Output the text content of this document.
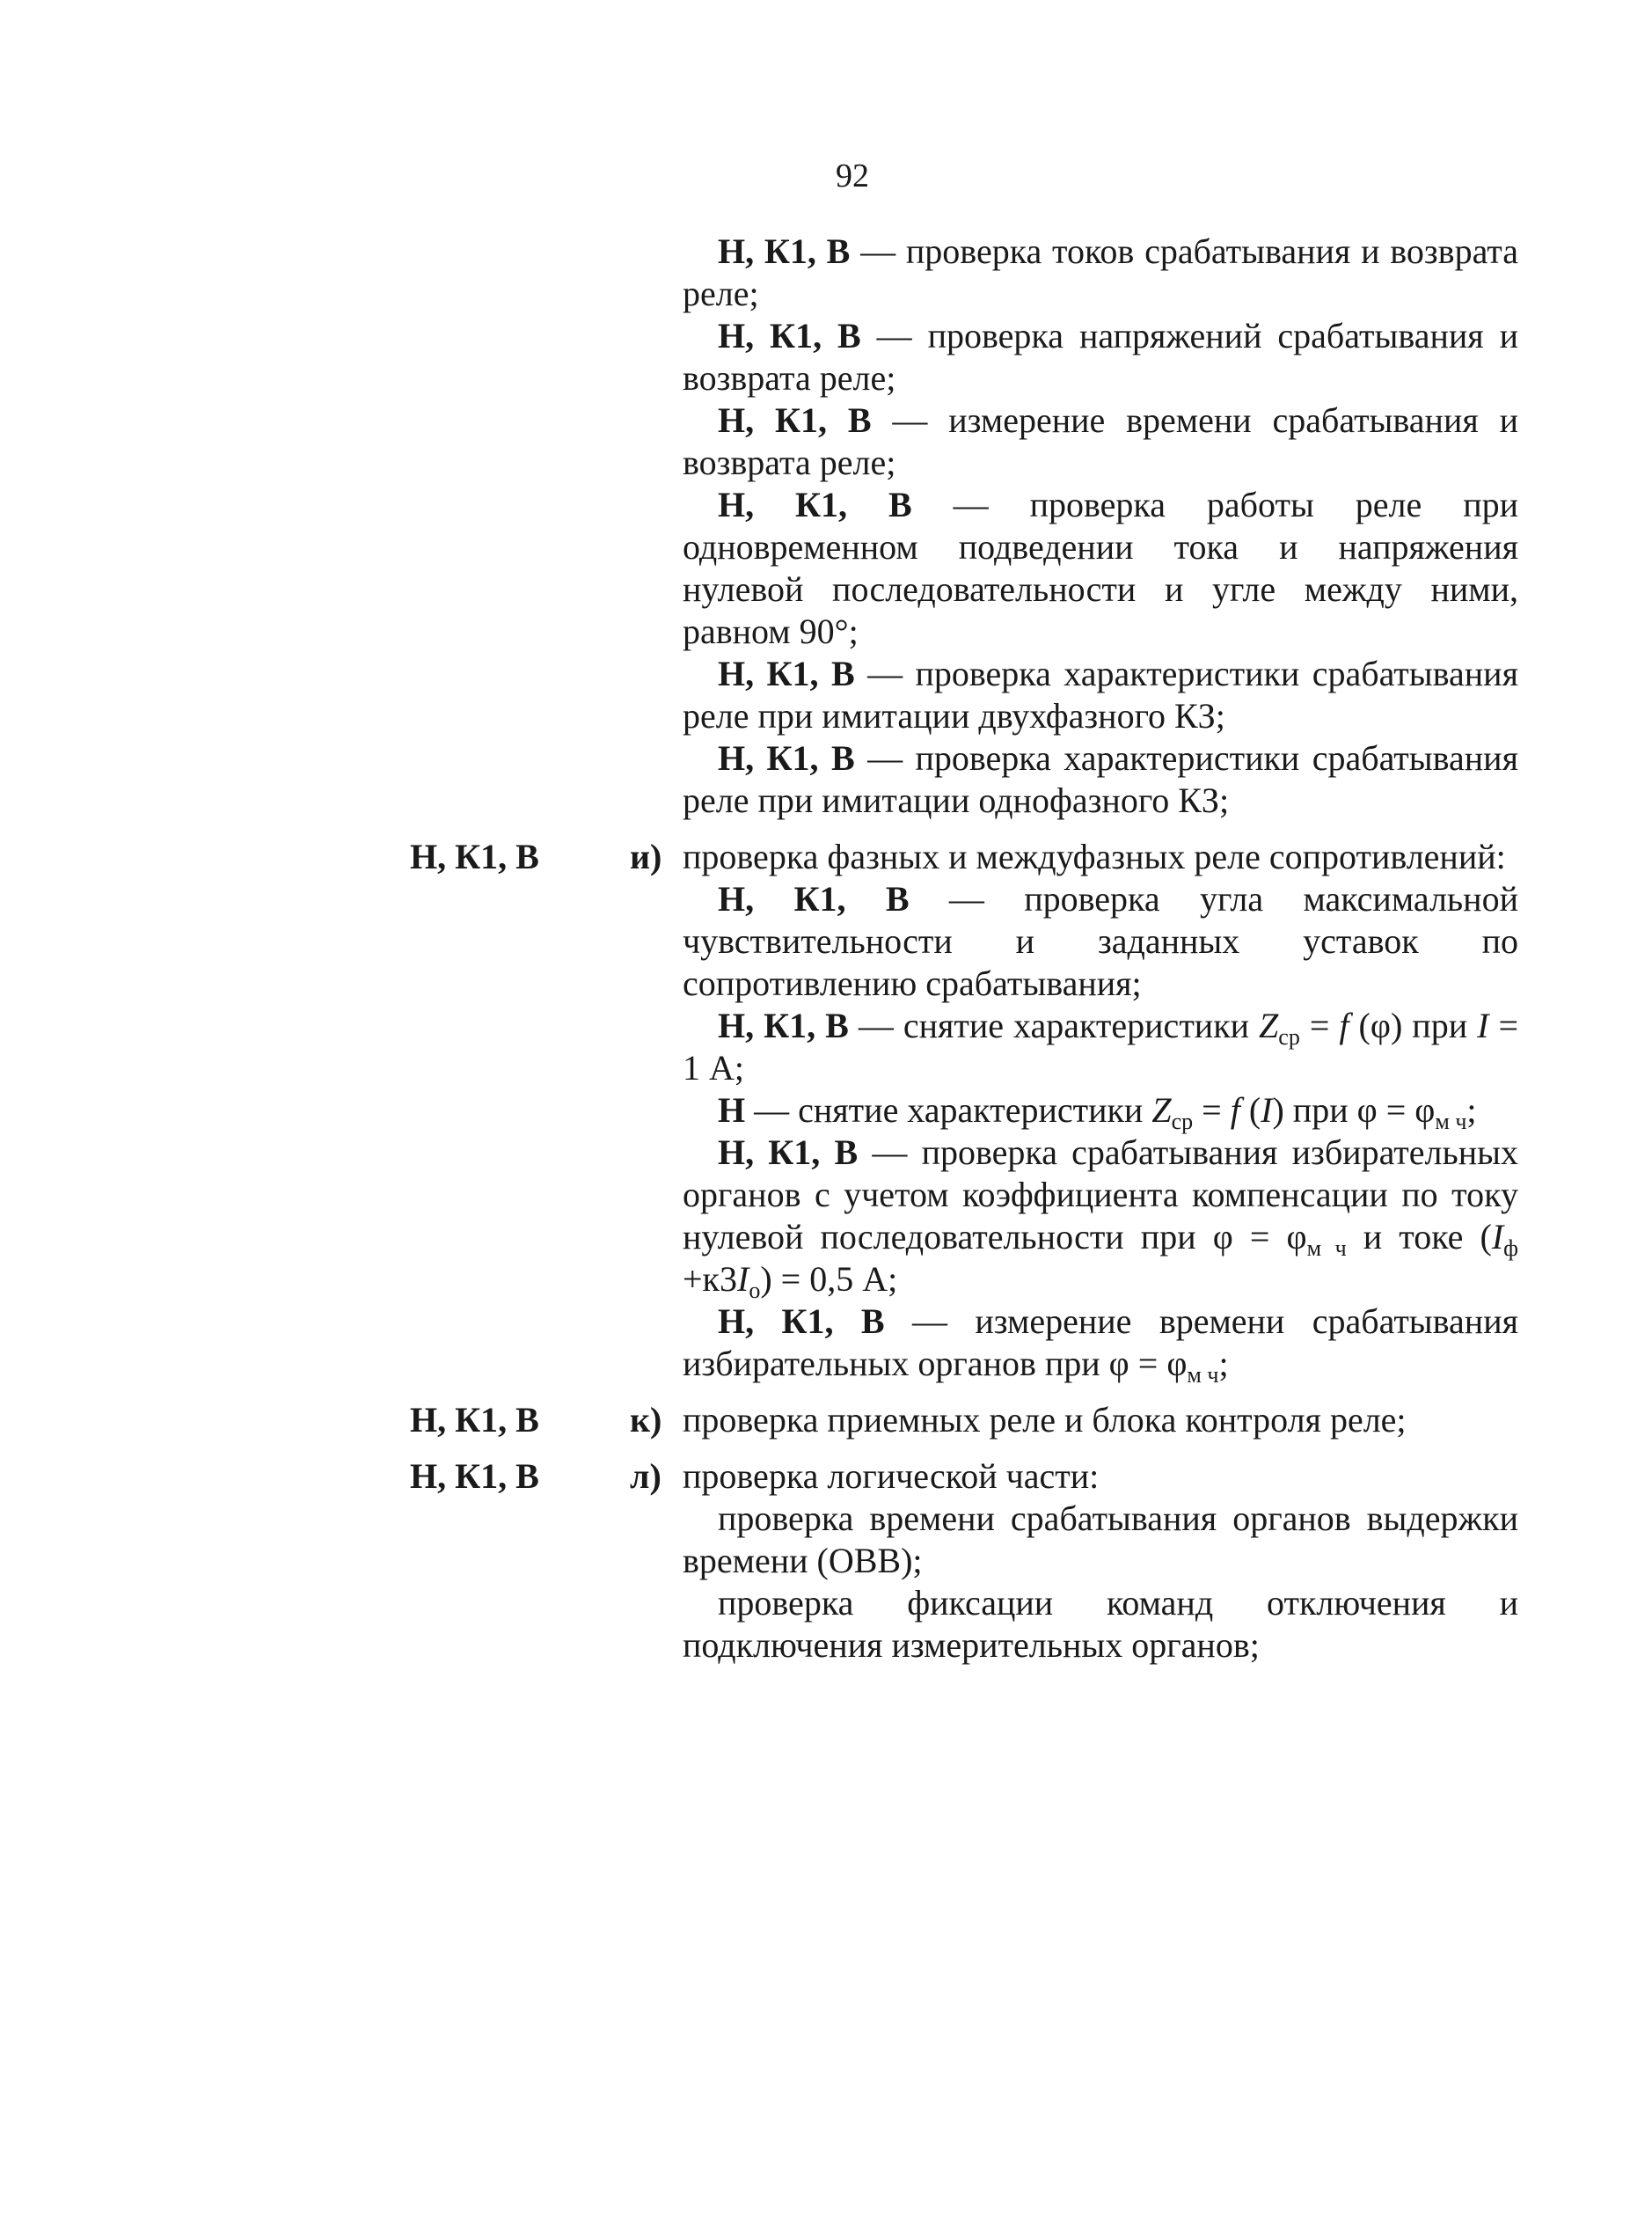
92

Н, К1, В — проверка токов срабатывания и возврата реле;

Н, К1, В — проверка напряжений срабатывания и возврата реле;

Н, К1, В — измерение времени срабатывания и возврата реле;

Н, К1, В — проверка работы реле при одновременном подведении тока и напряжения нулевой последовательности и угле между ними, равном 90°;

Н, К1, В — проверка характеристики срабатывания реле при имитации двухфазного КЗ;

Н, К1, В — проверка характеристики срабатывания реле при имитации однофазного КЗ;

Н, К1, В	и) проверка фазных и междуфазных реле сопротивлений:

Н, К1, В — проверка угла максимальной чувствительности и заданных уставок по сопротивлению срабатывания;

Н, К1, В — снятие характеристики $Z_{ср} = f$ (φ) при I = 1 А;

Н — снятие характеристики $Z_{ср} = f$ (I) при $\varphi = \varphi_{м ч}$;

Н, К1, В — проверка срабатывания избирательных органов с учетом коэффициента компенсации по току нулевой последовательности при $\varphi = \varphi_{м ч}$ и токе $(I_ф +к3I_о) = 0,5$ А;

Н, К1, В — измерение времени срабатывания избирательных органов при $\varphi = \varphi_{м ч}$;

Н, К1, В	к) проверка приемных реле и блока контроля реле;

Н, К1, В	л) проверка логической части:

проверка времени срабатывания органов выдержки времени (ОВВ);

проверка фиксации команд отключения и подключения измерительных органов;
